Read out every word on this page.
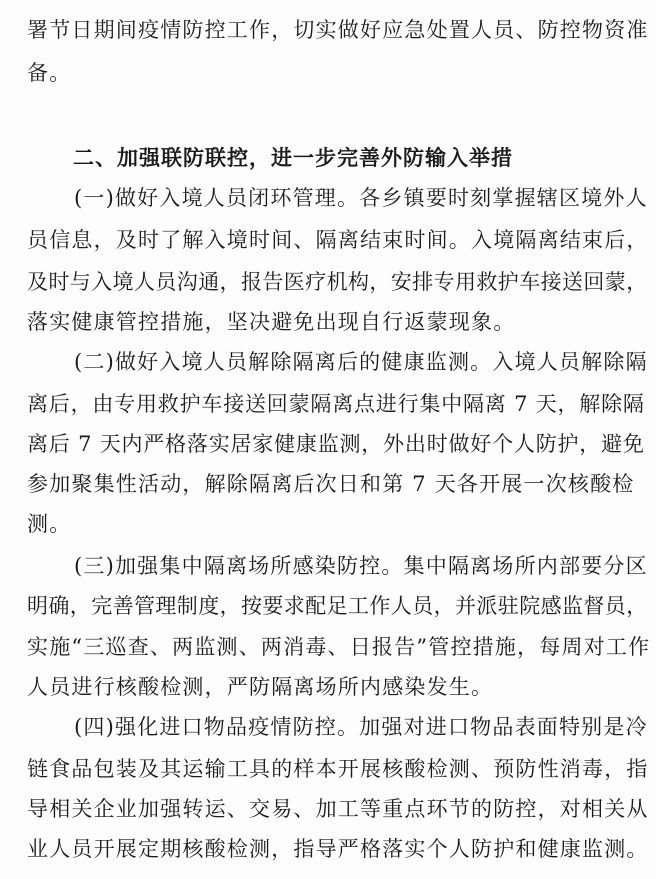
署节日期间疫情防控工作，切实做好应急处置人员、防控物资准
备。
二、加强联防联控，进一步完善外防输入举措
(一)做好入境人员闭环管理。各乡镇要时刻掌握辖区境外人
员信息，及时了解入境时间、隔离结束时间。入境隔离结束后，
及时与入境人员沟通，报告医疗机构，安排专用救护车接送回蒙，
落实健康管控措施，坚决避免出现自行返蒙现象。
(二)做好入境人员解除隔离后的健康监测。入境人员解除隔
离后，由专用救护车接送回蒙隔离点进行集中隔离 7 天，解除隔
离后 7 天内严格落实居家健康监测，外出时做好个人防护，避免
参加聚集性活动，解除隔离后次日和第 7 天各开展一次核酸检
测。
(三)加强集中隔离场所感染防控。集中隔离场所内部要分区
明确，完善管理制度，按要求配足工作人员，并派驻院感监督员，
实施“三巡查、两监测、两消毒、日报告”管控措施，每周对工作
人员进行核酸检测，严防隔离场所内感染发生。
(四)强化进口物品疫情防控。加强对进口物品表面特别是冷
链食品包装及其运输工具的样本开展核酸检测、预防性消毒，指
导相关企业加强转运、交易、加工等重点环节的防控，对相关从
业人员开展定期核酸检测，指导严格落实个人防护和健康监测。
